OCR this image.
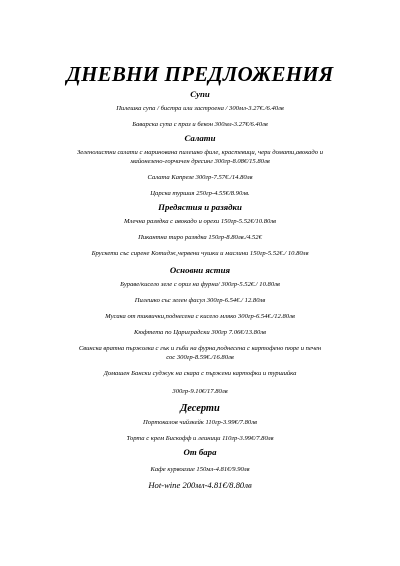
ДНЕВНИ ПРЕДЛОЖЕНИЯ
Супи
Пилешка супа / бистра или застроена / 300мл-3.27€./6.40лв
Баварска супа с праз и бекон 300мл-3.27€/6.40лв
Салати
Зеленолистни салати с маринована пилешко филе, крастевици, чери домати,авокадо и
майонезено-горчичен дресинг 300гр-8.08€/15.80лв
Салата Капрезе 300гр-7.57€./14.80лв
Царска туршия 250гр-4.55€/8.90лв.
Предястия и разядки
Млечна разядка с авокадо и орехи 150гр-5.52€/10.80лв
Пикантна тиро разядка 150гр-8.80лв./4.52€
Брускети със сирене Котидж,червени чушки и маслини 150гр-5.52€./ 10.80лв
Основни ястия
Бураве/кисело зеле с ориз на фурна/ 300гр-5.52€./ 10.80лв
Пилешко със зелен фасул 300гр-6.54€./ 12.80лв
Мусака от тиквички,поднесена с кисело мляко 300гр-6.54€./12.80лв
Кюфтета по Цариградски 300гр 7.06€/13.80лв
Свинска вратна пържолка с гък и гъби на фурна,поднесена с картофено пюре и печен
сос 300гр-8.59€./16.80лв
Домашен Бански суджук на скара с пържени картофки и туршийка
300гр-9.10€/17.80лв
Десерти
Портокалов чийзкейк 110гр-3.99€/7.80лв
Торта с крем Бискофф и леиници 110гр-3.99€/7.80лв
От бара
Кафе курвоазие 150мл-4.81€/9.90лв
Hot-wine 200мл-4.81€/8.80лв
